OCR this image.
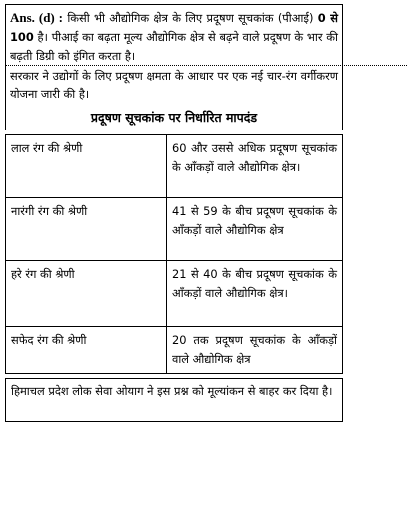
Ans. (d) : किसी भी औद्योगिक क्षेत्र के लिए प्रदूषण सूचकांक (पीआई) 0 से 100 है। पीआई का बढ़ता मूल्य औद्योगिक क्षेत्र से बढ़ने वाले प्रदूषण के भार की बढ़ती डिग्री को इंगित करता है।
सरकार ने उद्योगों के लिए प्रदूषण क्षमता के आधार पर एक नई चार-रंग वर्गीकरण योजना जारी की है।
प्रदूषण सूचकांक पर निर्धारित मापदंड
लाल रंग की श्रेणी	60 और उससे अधिक प्रदूषण सूचकांक के आँकड़ों वाले औद्योगिक क्षेत्र।
नारंगी रंग की श्रेणी	41 से 59 के बीच प्रदूषण सूचकांक के आँकड़ों वाले औद्योगिक क्षेत्र
हरे रंग की श्रेणी	21 से 40 के बीच प्रदूषण सूचकांक के आँकड़ों वाले औद्योगिक क्षेत्र।
सफेद रंग की श्रेणी	20 तक प्रदूषण सूचकांक के आँकड़ों वाले औद्योगिक क्षेत्र
हिमाचल प्रदेश लोक सेवा ओयाग ने इस प्रश्न को मूल्यांकन से बाहर कर दिया है।
